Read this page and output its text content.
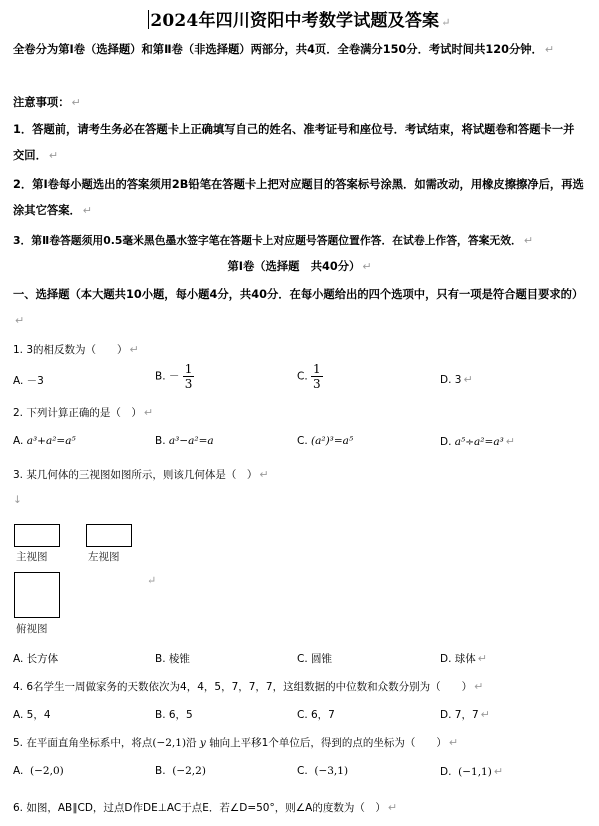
2024年四川资阳中考数学试题及答案 ↵
全卷分为第Ⅰ卷（选择题）和第Ⅱ卷（非选择题）两部分，共4页．全卷满分150分．考试时间共120分钟． ↵
注意事项： ↵
1．答题前，请考生务必在答题卡上正确填写自己的姓名、准考证号和座位号．考试结束，将试题卷和答题卡一并交回． ↵
2．第Ⅰ卷每小题选出的答案须用2B铅笔在答题卡上把对应题目的答案标号涂黑．如需改动，用橡皮擦擦净后，再选涂其它答案． ↵
3．第Ⅱ卷答题须用0.5毫米黑色墨水签字笔在答题卡上对应题号答题位置作答．在试卷上作答，答案无效． ↵
第Ⅰ卷（选择题　共40分） ↵
一、选择题（本大题共10小题，每小题4分，共40分．在每小题给出的四个选项中，只有一项是符合题目要求的）↵
1. 3的相反数为（　　） ↵
A. －3	B. － $\frac{1}{3}$	C. $\frac{1}{3}$	D. 3 ↵
2. 下列计算正确的是（　） ↵
A. a³+a²=a⁵	B. a³−a²=a	C. (a²)³=a⁵	D. a⁵÷a²=a³ ↵
3. 某几何体的三视图如图所示，则该几何体是（　） ↵
↓
主视图	左视图
↵
俯视图
A. 长方体	B. 棱锥	C. 圆锥	D. 球体 ↵
4. 6名学生一周做家务的天数依次为4，4，5，7，7，7，这组数据的中位数和众数分别为（　　） ↵
A. 5，4	B. 6，5	C. 6，7	D. 7，7 ↵
5. 在平面直角坐标系中，将点(−2,1)沿 y 轴向上平移1个单位后，得到的点的坐标为（　　） ↵
A. (−2,0)	B. (−2,2)	C. (−3,1)	D. (−1,1) ↵
6. 如图，AB∥CD，过点D作DE⊥AC于点E．若∠D=50°，则∠A的度数为（　） ↵
